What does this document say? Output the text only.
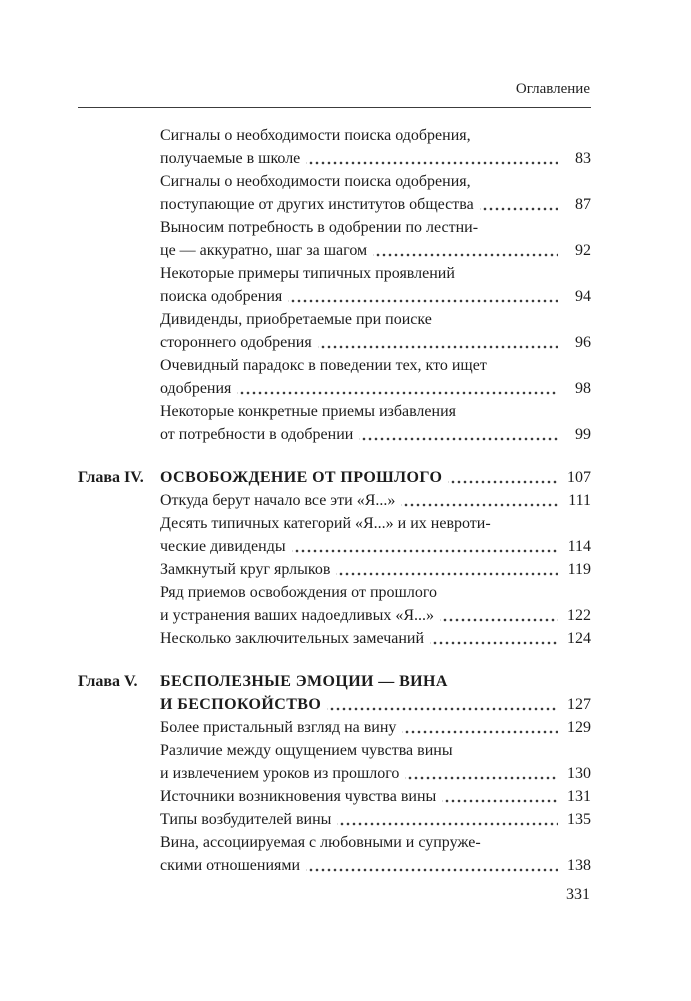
Оглавление
Сигналы о необходимости поиска одобрения,
получаемые в школе	83
Сигналы о необходимости поиска одобрения,
поступающие от других институтов общества	87
Выносим потребность в одобрении по лестни-
це — аккуратно, шаг за шагом	92
Некоторые примеры типичных проявлений
поиска одобрения	94
Дивиденды, приобретаемые при поиске
стороннего одобрения	96
Очевидный парадокс в поведении тех, кто ищет
одобрения	98
Некоторые конкретные приемы избавления
от потребности в одобрении	99
Глава IV.	ОСВОБОЖДЕНИЕ ОТ ПРОШЛОГО	107
Откуда берут начало все эти «Я...»	111
Десять типичных категорий «Я...» и их невроти-
ческие дивиденды	114
Замкнутый круг ярлыков	119
Ряд приемов освобождения от прошлого
и устранения ваших надоедливых «Я...»	122
Несколько заключительных замечаний	124
Глава V.	БЕСПОЛЕЗНЫЕ ЭМОЦИИ — ВИНА
И БЕСПОКОЙСТВО	127
Более пристальный взгляд на вину	129
Различие между ощущением чувства вины
и извлечением уроков из прошлого	130
Источники возникновения чувства вины	131
Типы возбудителей вины	135
Вина, ассоциируемая с любовными и супруже-
скими отношениями	138
331
